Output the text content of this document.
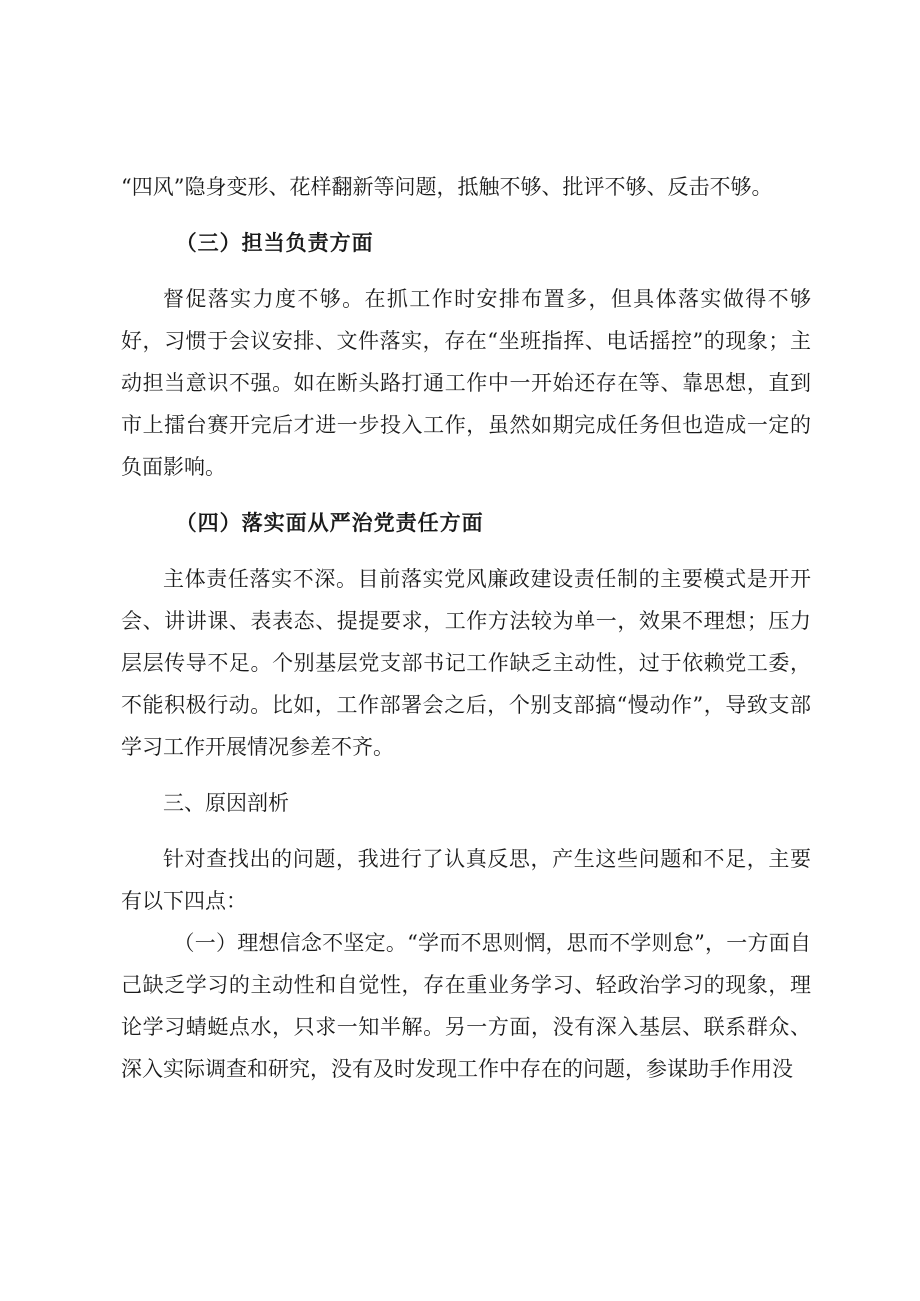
“四风”隐身变形、花样翻新等问题，抵触不够、批评不够、反击不够。

（三）担当负责方面

督促落实力度不够。在抓工作时安排布置多，但具体落实做得不够好，习惯于会议安排、文件落实，存在“坐班指挥、电话摇控”的现象；主动担当意识不强。如在断头路打通工作中一开始还存在等、靠思想，直到市上擂台赛开完后才进一步投入工作，虽然如期完成任务但也造成一定的负面影响。

（四）落实面从严治党责任方面

主体责任落实不深。目前落实党风廉政建设责任制的主要模式是开开会、讲讲课、表表态、提提要求，工作方法较为单一，效果不理想；压力层层传导不足。个别基层党支部书记工作缺乏主动性，过于依赖党工委，不能积极行动。比如，工作部署会之后，个别支部搞“慢动作”，导致支部学习工作开展情况参差不齐。

三、原因剖析

针对查找出的问题，我进行了认真反思，产生这些问题和不足，主要有以下四点：

（一）理想信念不坚定。“学而不思则惘，思而不学则怠”，一方面自己缺乏学习的主动性和自觉性，存在重业务学习、轻政治学习的现象，理论学习蜻蜓点水，只求一知半解。另一方面，没有深入基层、联系群众、深入实际调查和研究，没有及时发现工作中存在的问题，参谋助手作用没
